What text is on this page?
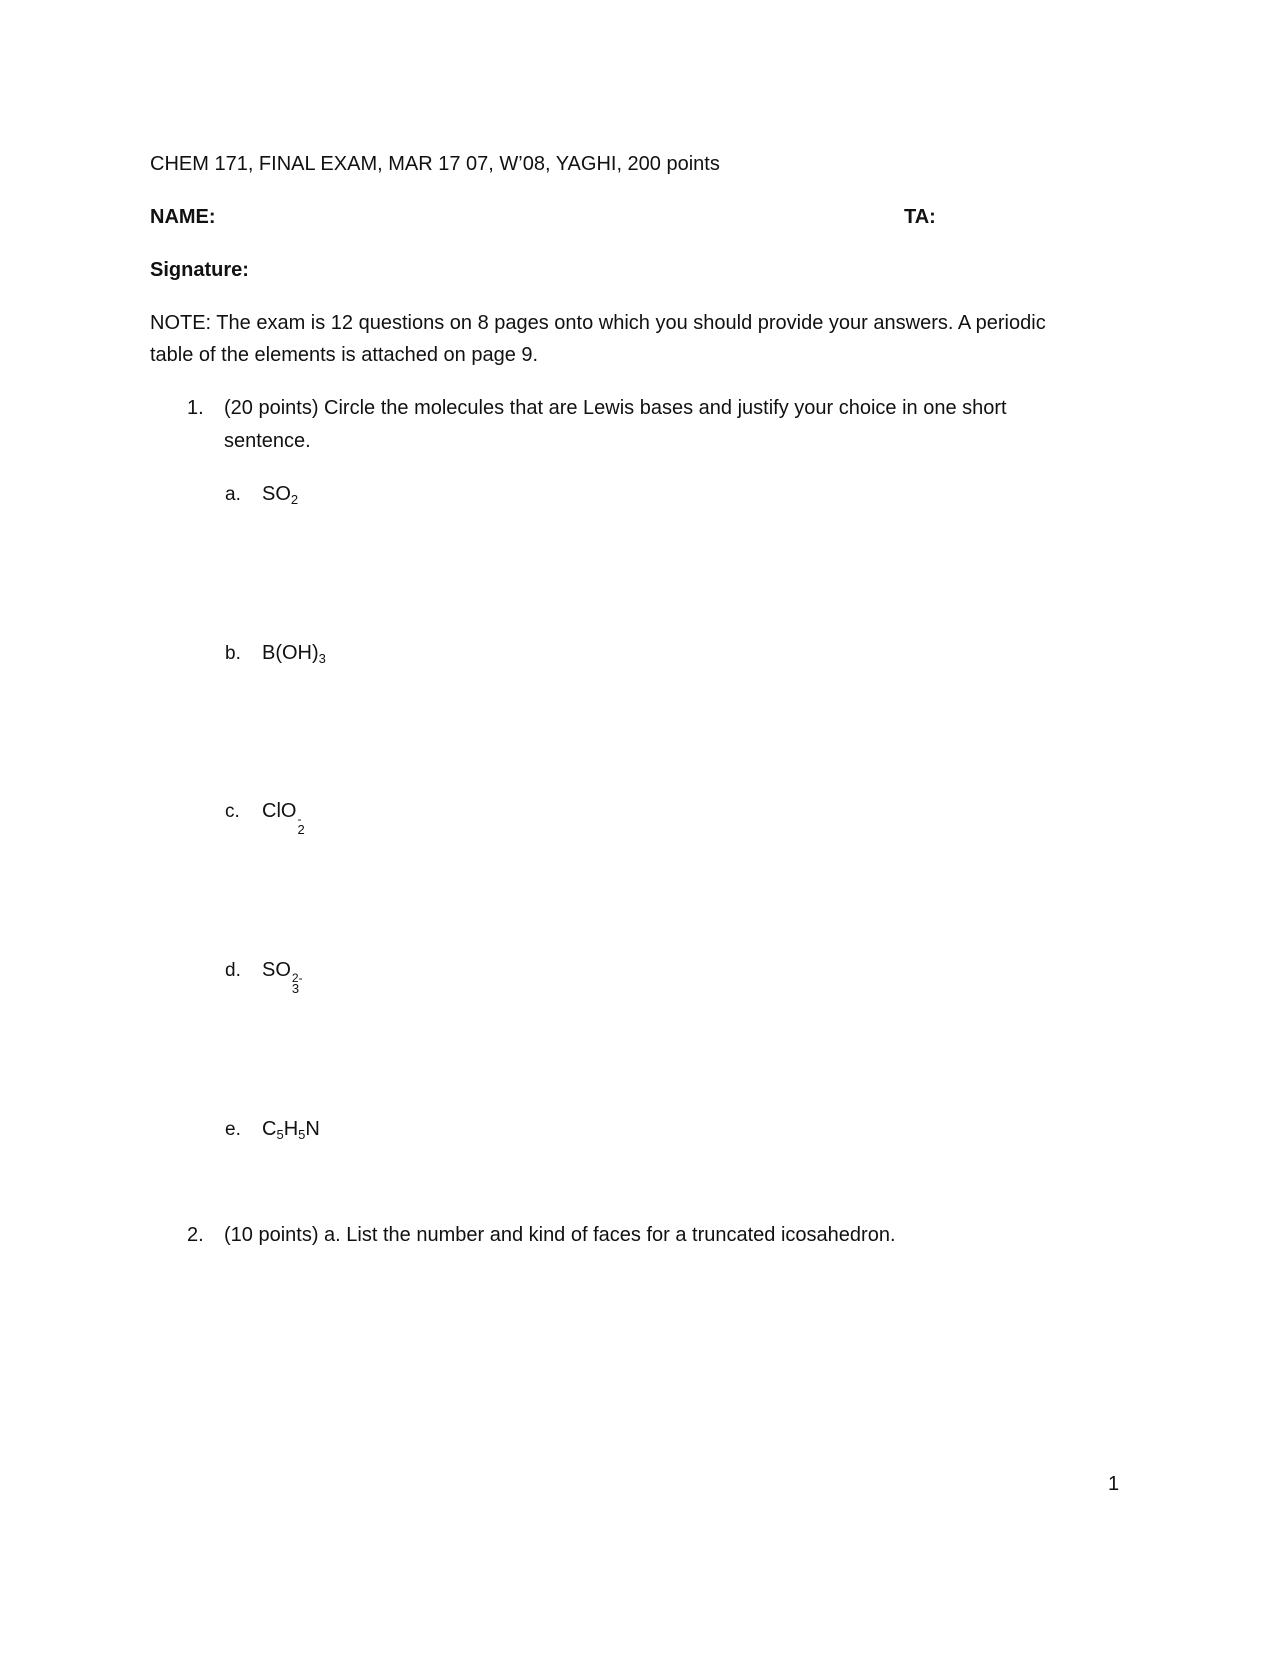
CHEM 171, FINAL EXAM, MAR 17 07, W’08, YAGHI, 200 points
NAME:	TA:
Signature:
NOTE: The exam is 12 questions on 8 pages onto which you should provide your answers. A periodic
table of the elements is attached on page 9.
1. (20 points) Circle the molecules that are Lewis bases and justify your choice in one short
sentence.
a. $SO_2$
b. $B(OH)_3$
c. ClO -
2
d. SO 2-
3
e. $C_5H_5N$
2. (10 points) a. List the number and kind of faces for a truncated icosahedron.
1
